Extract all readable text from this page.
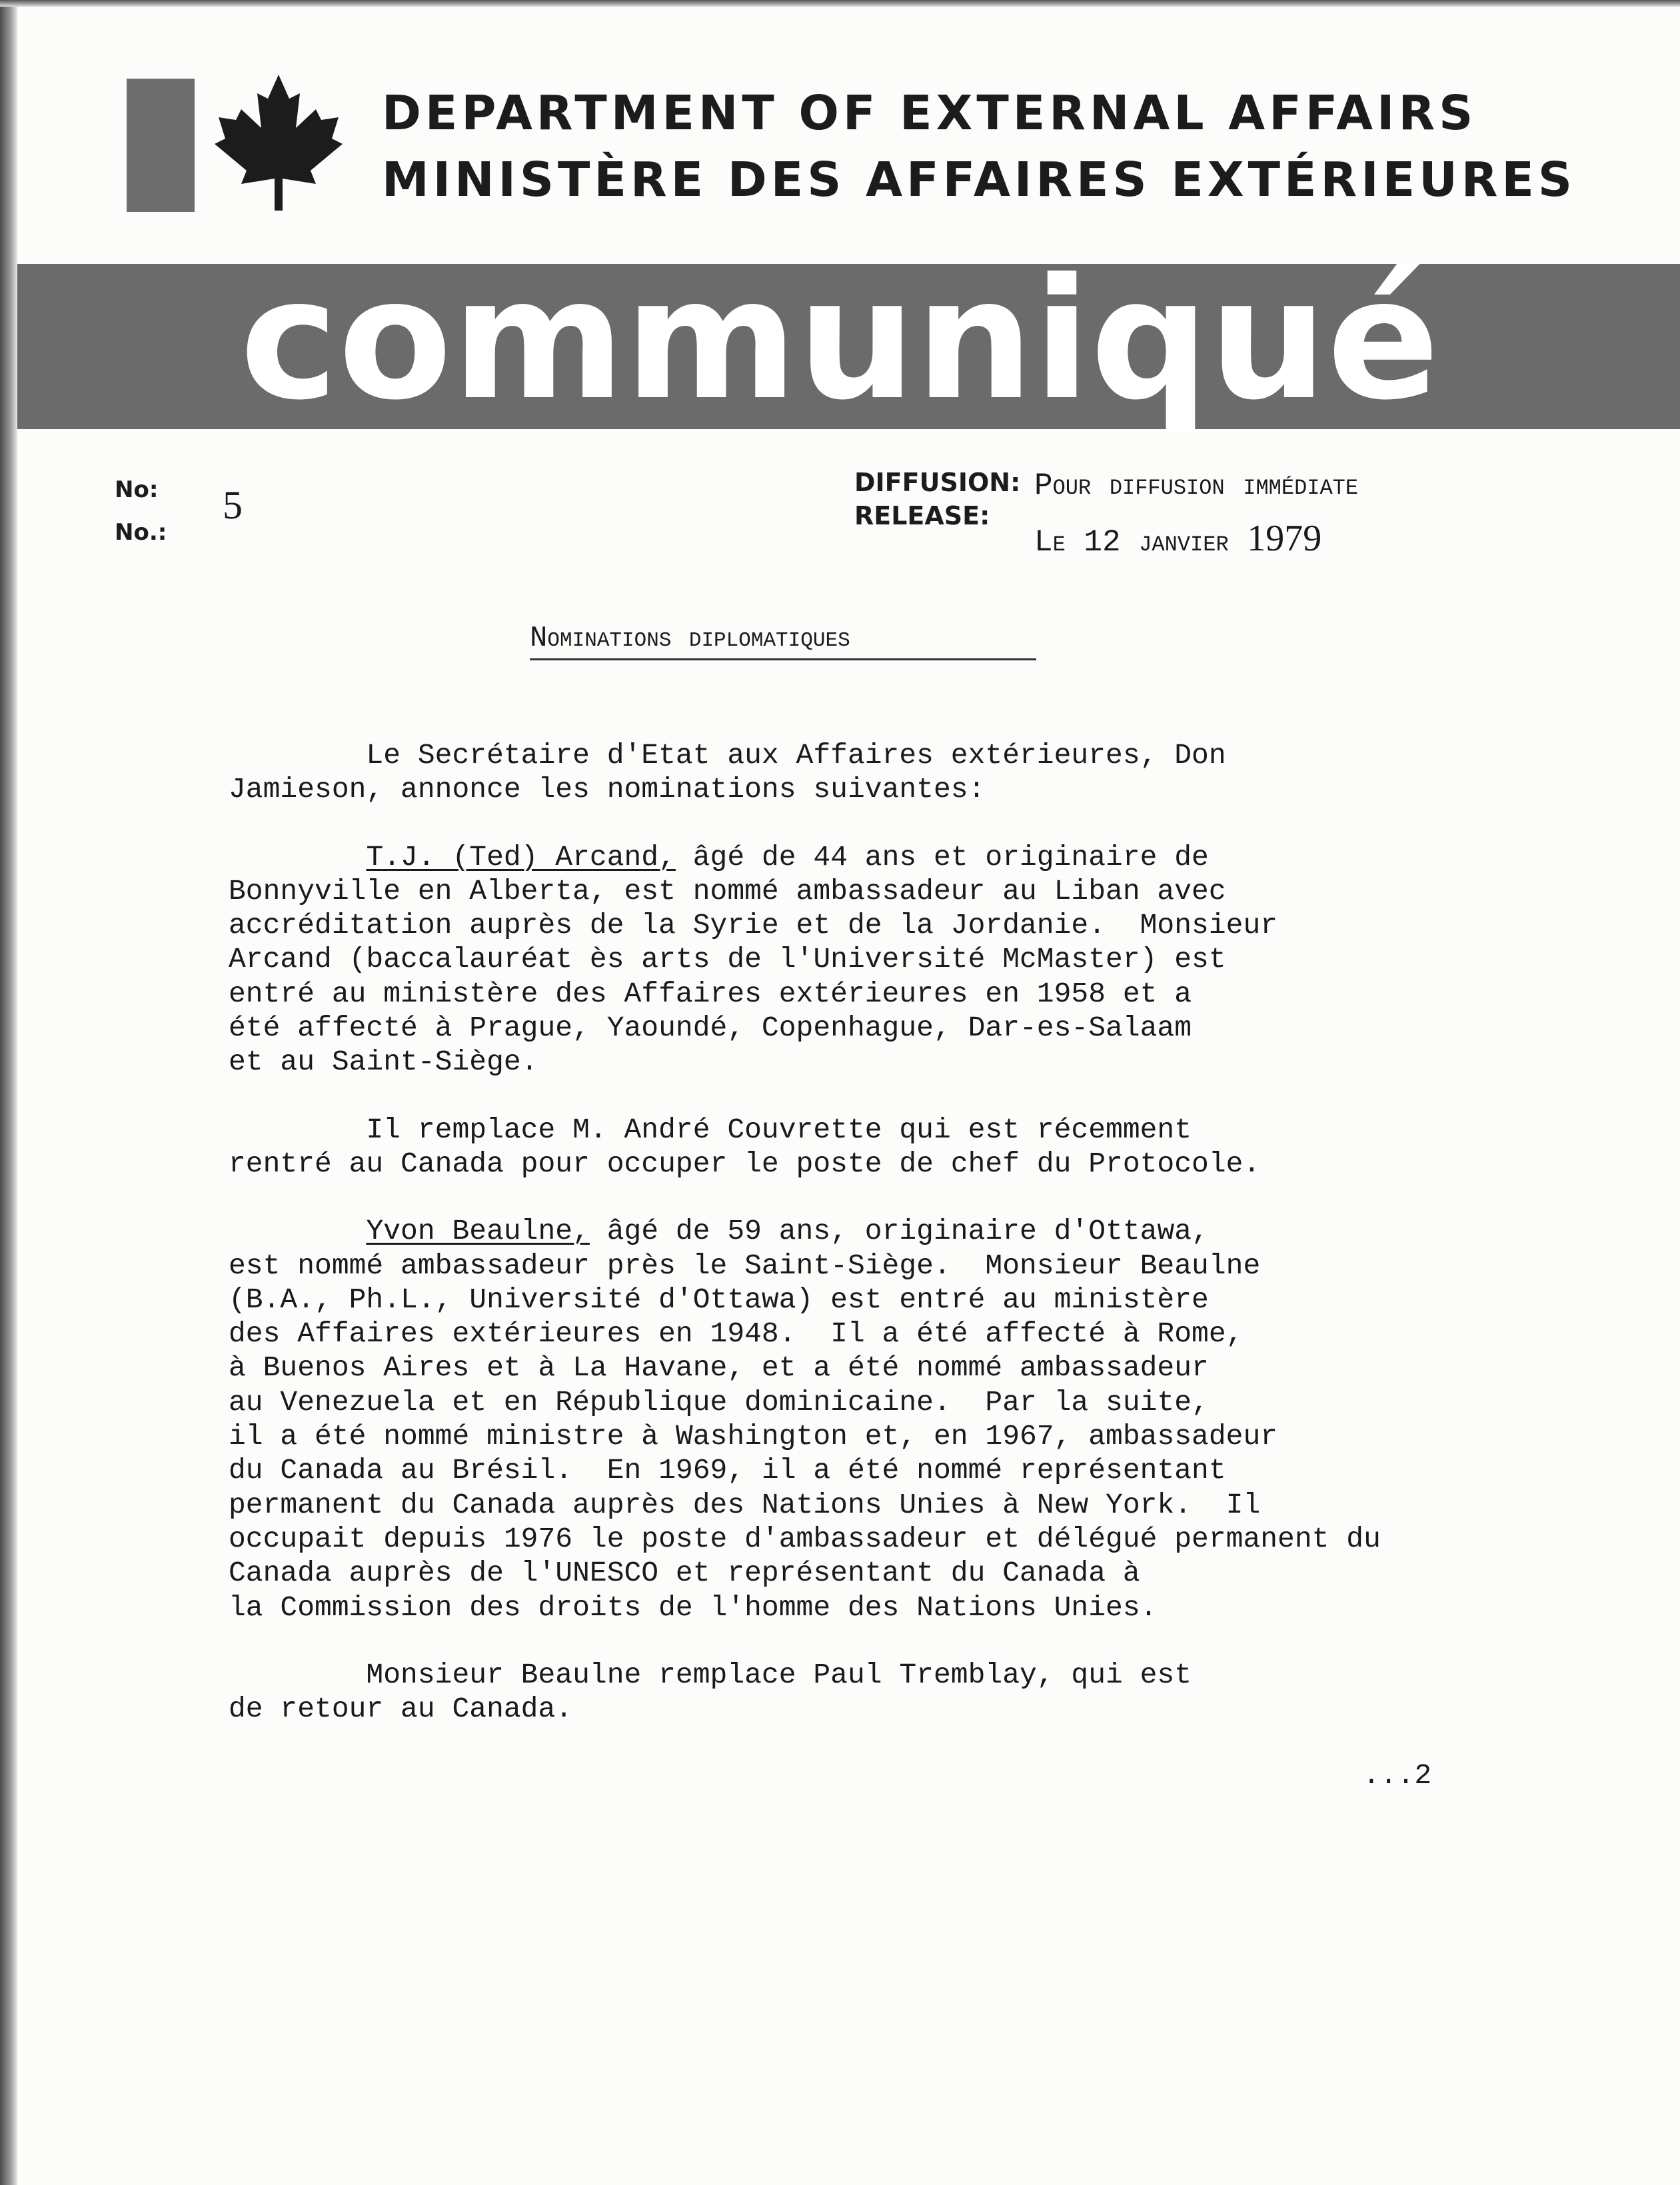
DEPARTMENT OF EXTERNAL AFFAIRS
MINISTÈRE DES AFFAIRES EXTÉRIEURES
communiqué
No:
No.:
5
DIFFUSION:
RELEASE:
Pour diffusion immédiate
Le 12 janvier 1979
Nominations diplomatiques

Le Secrétaire d'Etat aux Affaires extérieures, Don
Jamieson, annonce les nominations suivantes:

T.J. (Ted) Arcand, âgé de 44 ans et originaire de
Bonnyville en Alberta, est nommé ambassadeur au Liban avec
accréditation auprès de la Syrie et de la Jordanie.  Monsieur
Arcand (baccalauréat ès arts de l'Université McMaster) est
entré au ministère des Affaires extérieures en 1958 et a
été affecté à Prague, Yaoundé, Copenhague, Dar-es-Salaam
et au Saint-Siège.

Il remplace M. André Couvrette qui est récemment
rentré au Canada pour occuper le poste de chef du Protocole.

Yvon Beaulne, âgé de 59 ans, originaire d'Ottawa,
est nommé ambassadeur près le Saint-Siège.  Monsieur Beaulne
(B.A., Ph.L., Université d'Ottawa) est entré au ministère
des Affaires extérieures en 1948.  Il a été affecté à Rome,
à Buenos Aires et à La Havane, et a été nommé ambassadeur
au Venezuela et en République dominicaine.  Par la suite,
il a été nommé ministre à Washington et, en 1967, ambassadeur
du Canada au Brésil.  En 1969, il a été nommé représentant
permanent du Canada auprès des Nations Unies à New York.  Il
occupait depuis 1976 le poste d'ambassadeur et délégué permanent du
Canada auprès de l'UNESCO et représentant du Canada à
la Commission des droits de l'homme des Nations Unies.

Monsieur Beaulne remplace Paul Tremblay, qui est
de retour au Canada.

...2
